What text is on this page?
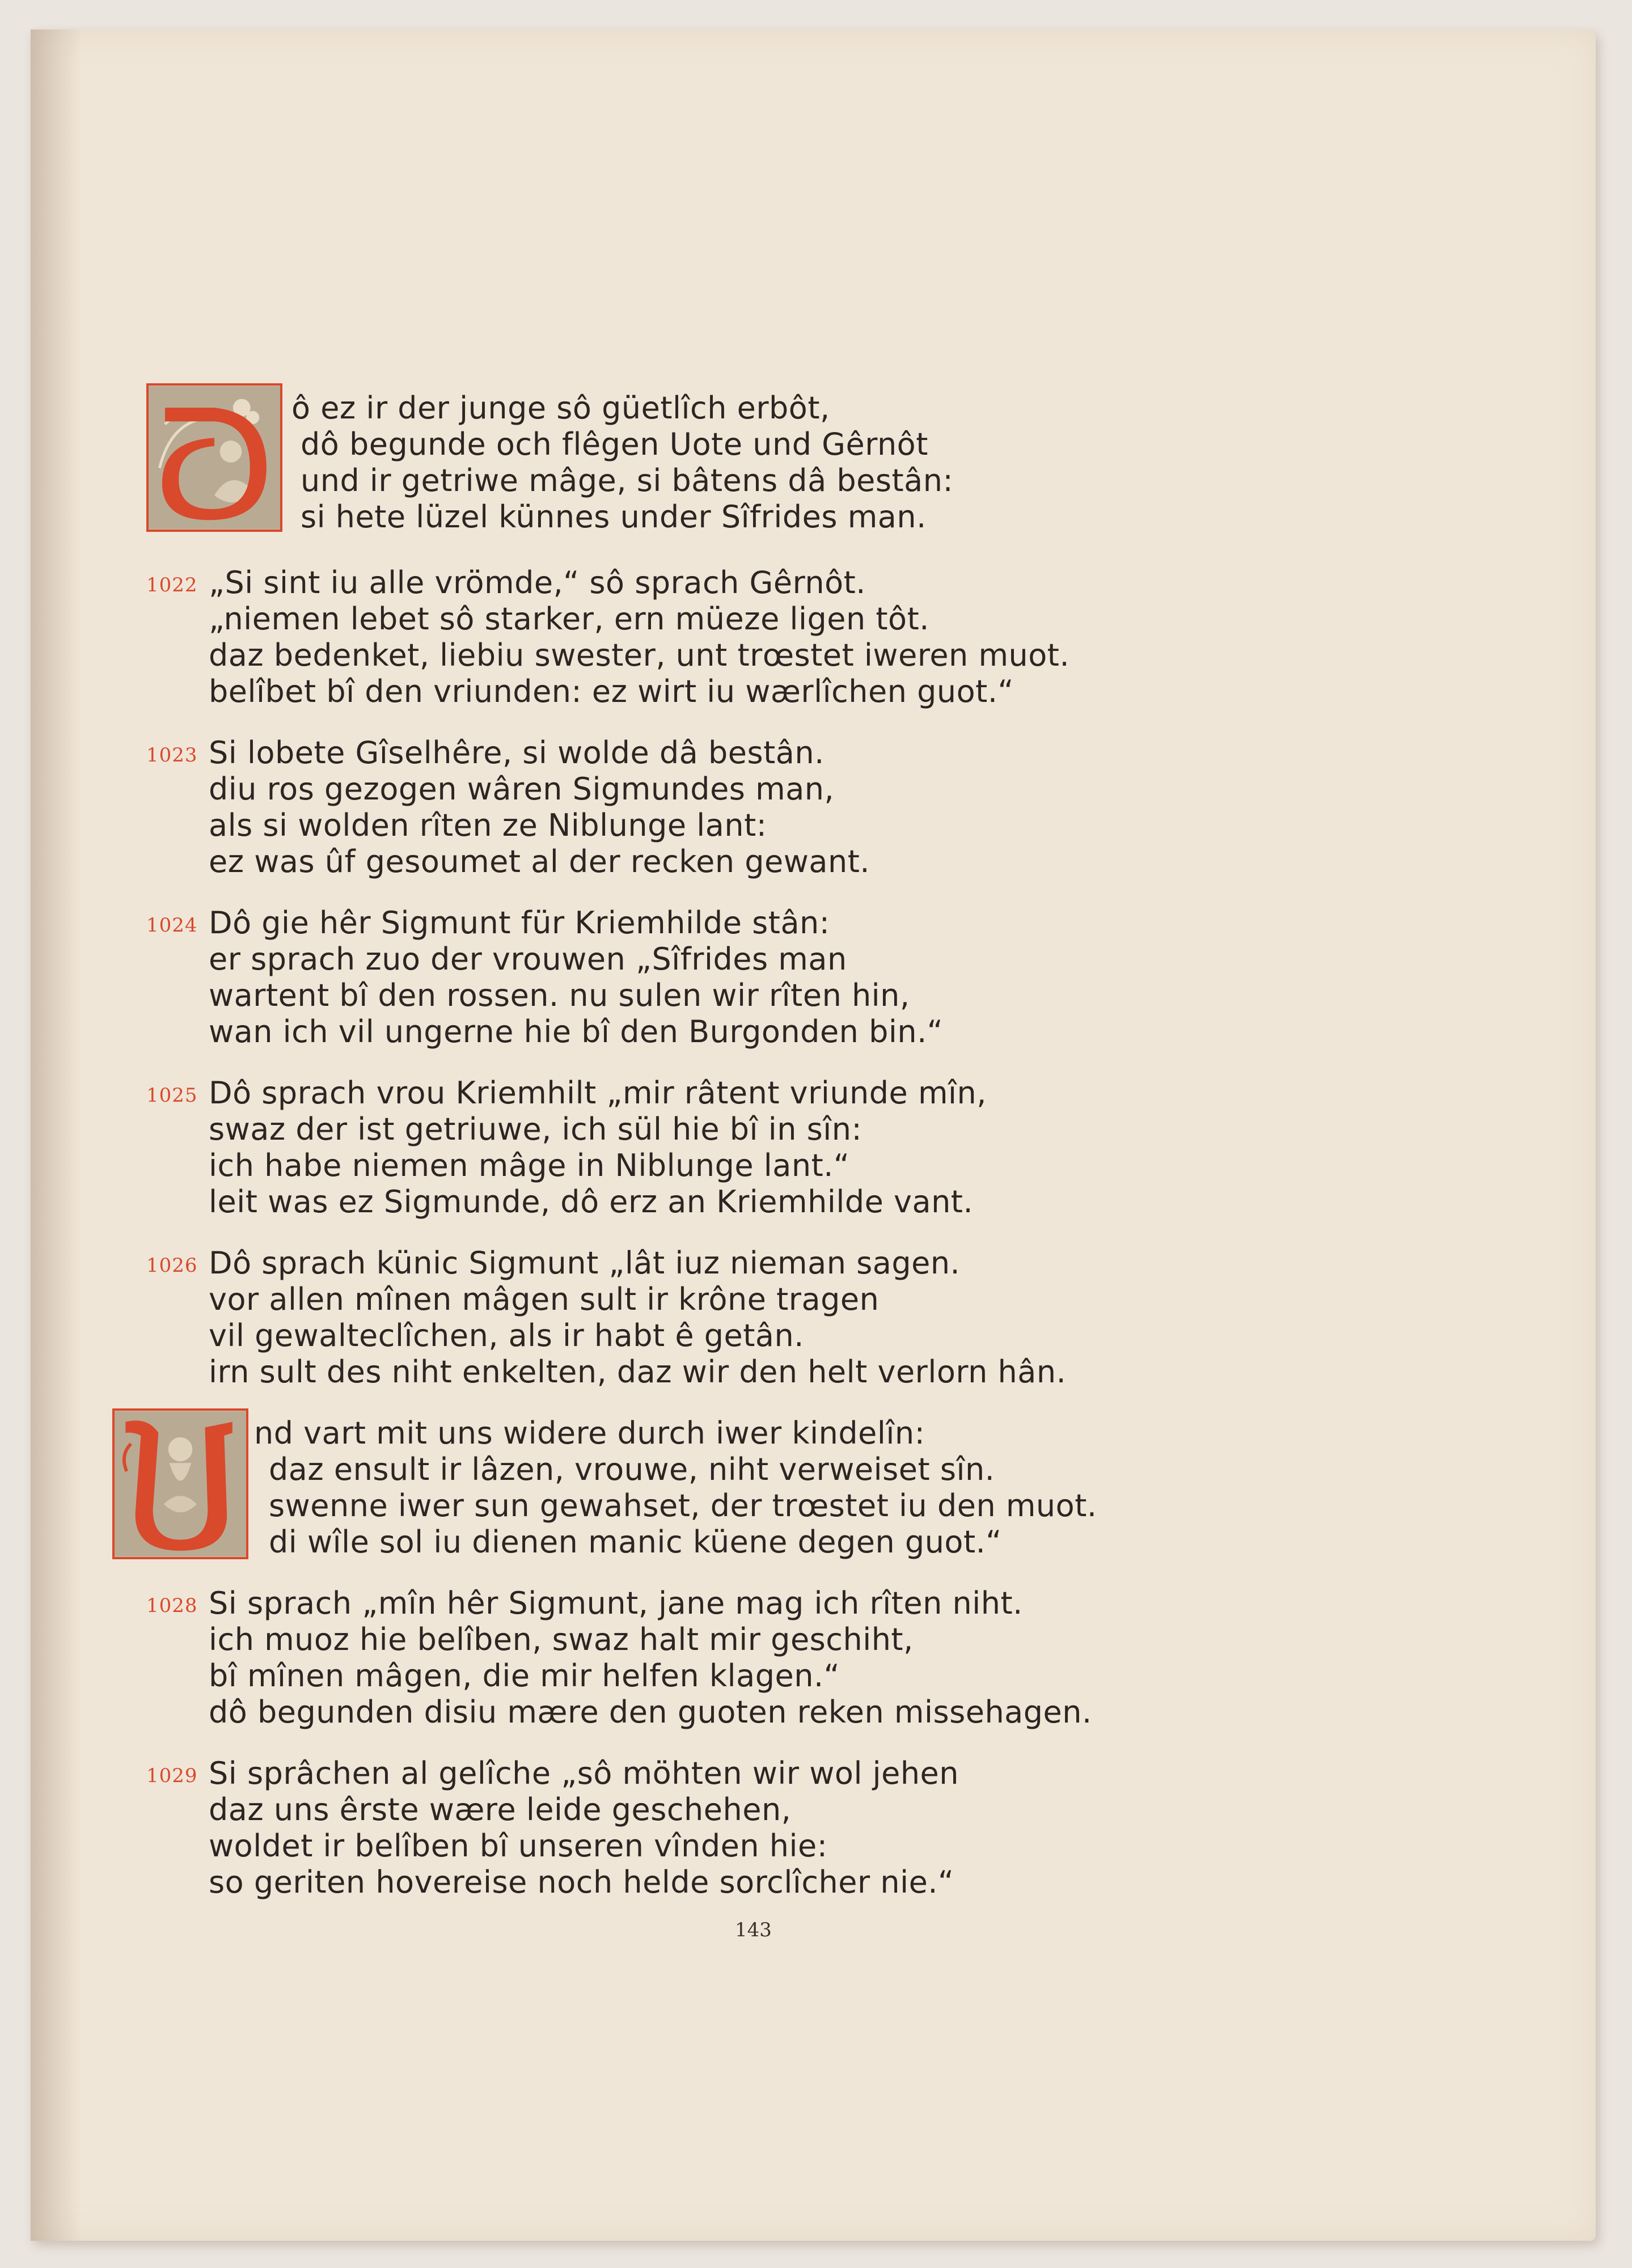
ô ez ir der junge sô güetlîch erbôt,
dô begunde och flêgen Uote und Gêrnôt
und ir getriwe mâge, si bâtens dâ bestân:
si hete lüzel künnes under Sîfrides man.
1022 „Si sint iu alle vrömde,“ sô sprach Gêrnôt.
„niemen lebet sô starker, ern müeze ligen tôt.
daz bedenket, liebiu swester, unt trœstet iweren muot.
belîbet bî den vriunden: ez wirt iu wærlîchen guot.“
1023 Si lobete Gîselhêre, si wolde dâ bestân.
diu ros gezogen wâren Sigmundes man,
als si wolden rîten ze Niblunge lant:
ez was ûf gesoumet al der recken gewant.
1024 Dô gie hêr Sigmunt für Kriemhilde stân:
er sprach zuo der vrouwen „Sîfrides man
wartent bî den rossen. nu sulen wir rîten hin,
wan ich vil ungerne hie bî den Burgonden bin.“
1025 Dô sprach vrou Kriemhilt „mir râtent vriunde mîn,
swaz der ist getriuwe, ich sül hie bî in sîn:
ich habe niemen mâge in Niblunge lant.“
leit was ez Sigmunde, dô erz an Kriemhilde vant.
1026 Dô sprach künic Sigmunt „lât iuz nieman sagen.
vor allen mînen mâgen sult ir krône tragen
vil gewalteclîchen, als ir habt ê getân.
irn sult des niht enkelten, daz wir den helt verlorn hân.
nd vart mit uns widere durch iwer kindelîn:
daz ensult ir lâzen, vrouwe, niht verweiset sîn.
swenne iwer sun gewahset, der trœstet iu den muot.
di wîle sol iu dienen manic küene degen guot.“
1028 Si sprach „mîn hêr Sigmunt, jane mag ich rîten niht.
ich muoz hie belîben, swaz halt mir geschiht,
bî mînen mâgen, die mir helfen klagen.“
dô begunden disiu mære den guoten reken missehagen.
1029 Si sprâchen al gelîche „sô möhten wir wol jehen
daz uns êrste wære leide geschehen,
woldet ir belîben bî unseren vînden hie:
so geriten hovereise noch helde sorclîcher nie.“
143
